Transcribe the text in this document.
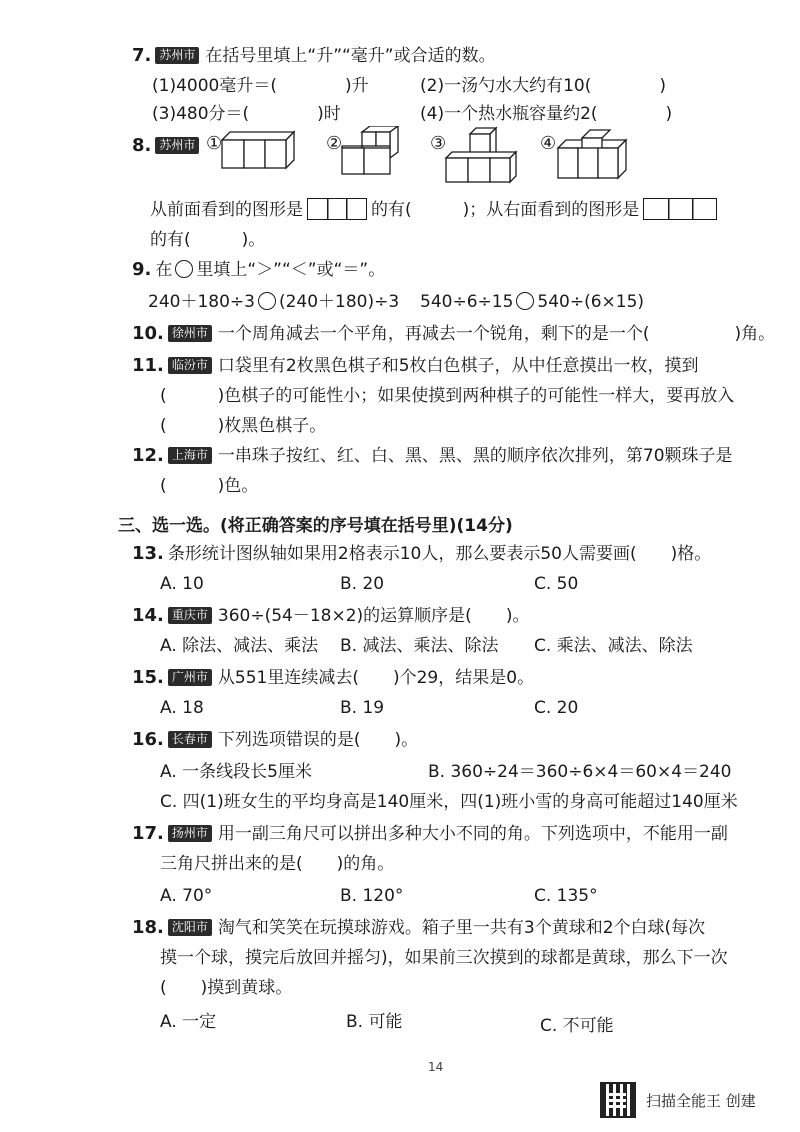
7. 苏州市 在括号里填上“升”“毫升”或合适的数。
(1)4000毫升＝(　　　　)升	(2)一汤勺水大约有10(　　　　)
(3)480分＝(　　　　)时	(4)一个热水瓶容量约2(　　　　)
8. 苏州市 ①	②	③	④
从前面看到的图形是	的有(　　　)；从右面看到的图形是
的有(　　　)。
9. 在 里填上“＞”“＜”或“＝”。
240＋180÷3 (240＋180)÷3 540÷6÷15 540÷(6×15)
10. 徐州市 一个周角减去一个平角，再减去一个锐角，剩下的是一个(　　　　　)角。
11. 临汾市 口袋里有2枚黑色棋子和5枚白色棋子，从中任意摸出一枚，摸到
(　　　)色棋子的可能性小；如果使摸到两种棋子的可能性一样大，要再放入
(　　　)枚黑色棋子。
12. 上海市 一串珠子按红、红、白、黑、黑、黑的顺序依次排列，第70颗珠子是
(　　　)色。
三、选一选。(将正确答案的序号填在括号里)(14分)
13. 条形统计图纵轴如果用2格表示10人，那么要表示50人需要画(　　)格。
A. 10	B. 20	C. 50
14. 重庆市 360÷(54－18×2)的运算顺序是(　　)。
A. 除法、减法、乘法 B. 减法、乘法、除法 C. 乘法、减法、除法
15. 广州市 从551里连续减去(　　)个29，结果是0。
A. 18	B. 19	C. 20
16. 长春市 下列选项错误的是(　　)。
A. 一条线段长5厘米	B. 360÷24＝360÷6×4＝60×4＝240
C. 四(1)班女生的平均身高是140厘米，四(1)班小雪的身高可能超过140厘米
17. 扬州市 用一副三角尺可以拼出多种大小不同的角。下列选项中，不能用一副
三角尺拼出来的是(　　)的角。
A. 70°	B. 120°	C. 135°
18. 沈阳市 淘气和笑笑在玩摸球游戏。箱子里一共有3个黄球和2个白球(每次
摸一个球，摸完后放回并摇匀)，如果前三次摸到的球都是黄球，那么下一次
(　　)摸到黄球。
A. 一定	B. 可能	C. 不可能
14
扫描全能王 创建
